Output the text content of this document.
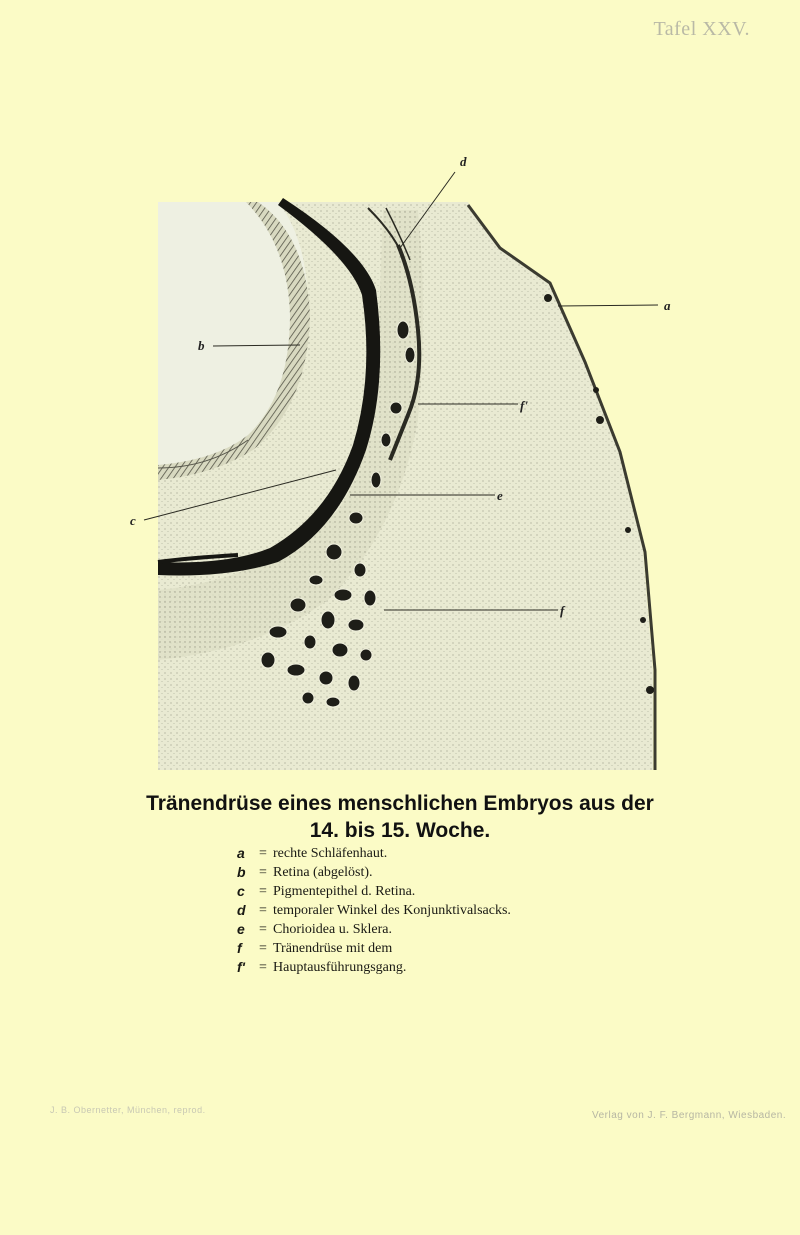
Tafel XXV.
d
a
b
f'
e
f
c
Tränendrüse eines menschlichen Embryos aus der
14. bis 15. Woche.
a	= rechte Schläfenhaut.
b = Retina (abgelöst).
c	= Pigmentepithel d. Retina.
d = temporaler Winkel des Konjunktivalsacks.
e	= Chorioidea u. Sklera.
f	= Tränendrüse mit dem
f'	= Hauptausführungsgang.
J. B. Obernetter, München, reprod.	Verlag von J. F. Bergmann, Wiesbaden.
